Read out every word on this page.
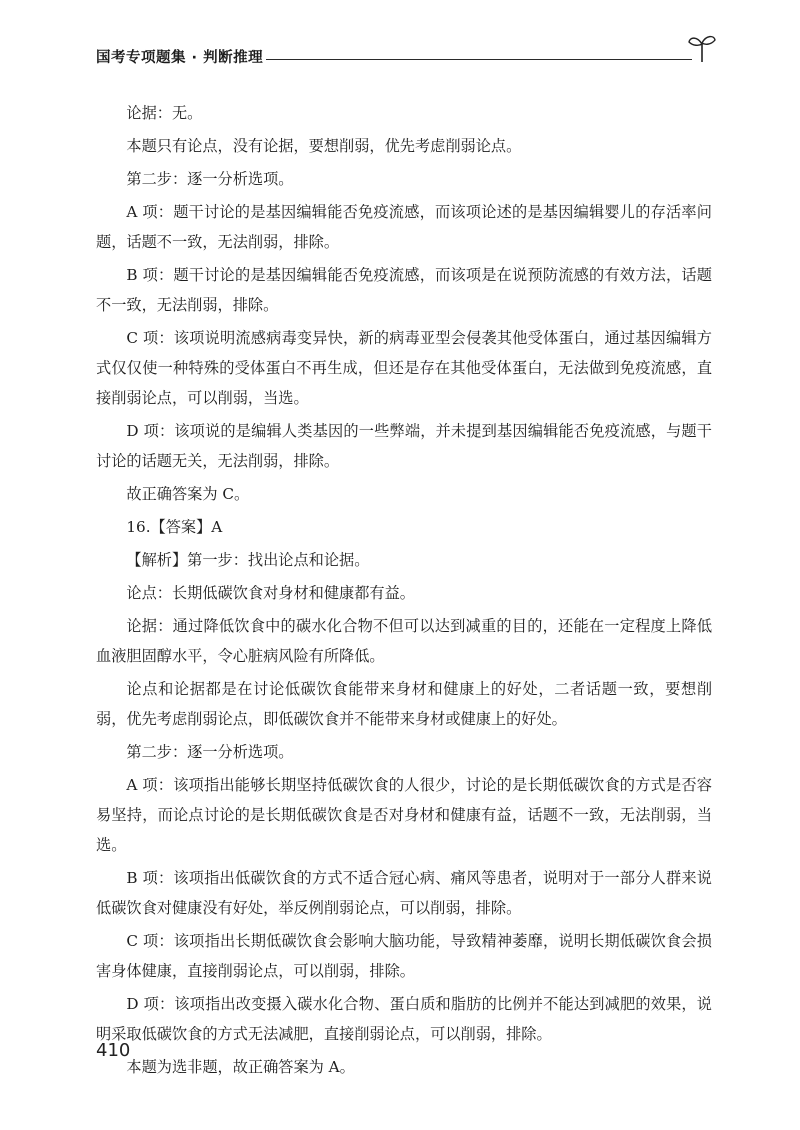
国考专项题集 · 判断推理

论据：无。

本题只有论点，没有论据，要想削弱，优先考虑削弱论点。

第二步：逐一分析选项。

A 项：题干讨论的是基因编辑能否免疫流感，而该项论述的是基因编辑婴儿的存活率问题，话题不一致，无法削弱，排除。

B 项：题干讨论的是基因编辑能否免疫流感，而该项是在说预防流感的有效方法，话题不一致，无法削弱，排除。

C 项：该项说明流感病毒变异快，新的病毒亚型会侵袭其他受体蛋白，通过基因编辑方式仅仅使一种特殊的受体蛋白不再生成，但还是存在其他受体蛋白，无法做到免疫流感，直接削弱论点，可以削弱，当选。

D 项：该项说的是编辑人类基因的一些弊端，并未提到基因编辑能否免疫流感，与题干讨论的话题无关，无法削弱，排除。

故正确答案为 C。

16.【答案】A

【解析】第一步：找出论点和论据。

论点：长期低碳饮食对身材和健康都有益。

论据：通过降低饮食中的碳水化合物不但可以达到减重的目的，还能在一定程度上降低血液胆固醇水平，令心脏病风险有所降低。

论点和论据都是在讨论低碳饮食能带来身材和健康上的好处，二者话题一致，要想削弱，优先考虑削弱论点，即低碳饮食并不能带来身材或健康上的好处。

第二步：逐一分析选项。

A 项：该项指出能够长期坚持低碳饮食的人很少，讨论的是长期低碳饮食的方式是否容易坚持，而论点讨论的是长期低碳饮食是否对身材和健康有益，话题不一致，无法削弱，当选。

B 项：该项指出低碳饮食的方式不适合冠心病、痛风等患者，说明对于一部分人群来说低碳饮食对健康没有好处，举反例削弱论点，可以削弱，排除。

C 项：该项指出长期低碳饮食会影响大脑功能，导致精神萎靡，说明长期低碳饮食会损害身体健康，直接削弱论点，可以削弱，排除。

D 项：该项指出改变摄入碳水化合物、蛋白质和脂肪的比例并不能达到减肥的效果，说明采取低碳饮食的方式无法减肥，直接削弱论点，可以削弱，排除。

本题为选非题，故正确答案为 A。

410
